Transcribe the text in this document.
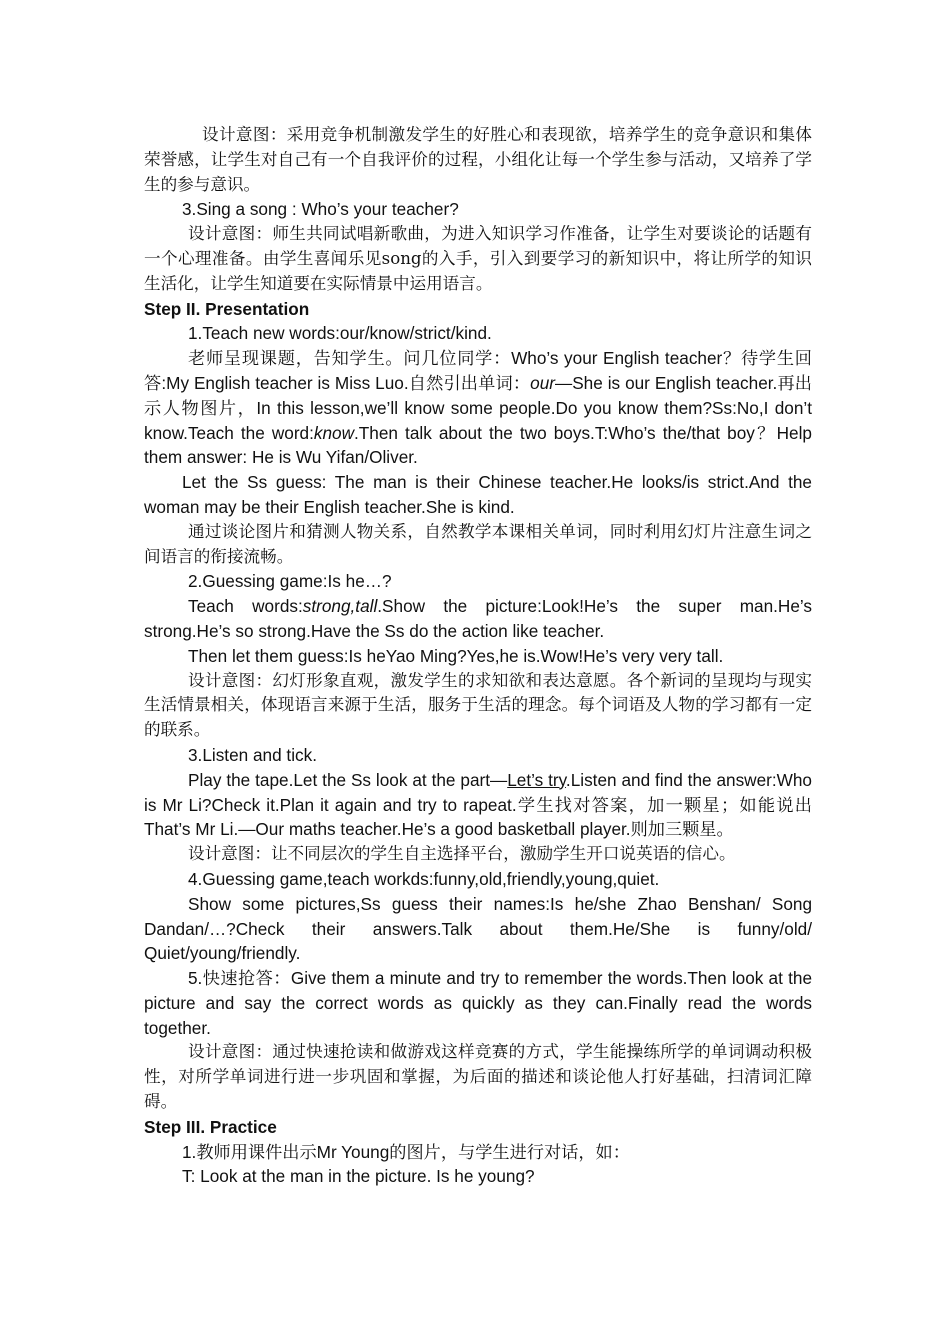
设计意图：采用竞争机制激发学生的好胜心和表现欲，培养学生的竞争意识和集体荣誉感，让学生对自己有一个自我评价的过程，小组化让每一个学生参与活动，又培养了学生的参与意识。

3.Sing a song : Who’s your teacher?

设计意图：师生共同试唱新歌曲，为进入知识学习作准备，让学生对要谈论的话题有一个心理准备。由学生喜闻乐见song的入手，引入到要学习的新知识中，将让所学的知识生活化，让学生知道要在实际情景中运用语言。

Step II. Presentation

1.Teach new words:our/know/strict/kind.

老师呈现课题，告知学生。问几位同学：Who’s your English teacher？待学生回答:My English teacher is Miss Luo.自然引出单词：our—She is our English teacher.再出示人物图片，In this lesson,we’ll know some people.Do you know them?Ss:No,I don’t know.Teach the word:know.Then talk about the two boys.T:Who’s the/that boy？Help them answer: He is Wu Yifan/Oliver.

Let the Ss guess: The man is their Chinese teacher.He looks/is strict.And the woman may be their English teacher.She is kind.

通过谈论图片和猜测人物关系，自然教学本课相关单词，同时利用幻灯片注意生词之间语言的衔接流畅。

2.Guessing game:Is he…?

Teach words:strong,tall.Show the picture:Look!He’s the super man.He’s strong.He’s so strong.Have the Ss do the action like teacher.

Then let them guess:Is heYao Ming?Yes,he is.Wow!He’s very very tall.

设计意图：幻灯形象直观，激发学生的求知欲和表达意愿。各个新词的呈现均与现实生活情景相关，体现语言来源于生活，服务于生活的理念。每个词语及人物的学习都有一定的联系。

3.Listen and tick.

Play the tape.Let the Ss look at the part—Let’s try.Listen and find the answer:Who is Mr Li?Check it.Plan it again and try to rapeat.学生找对答案，加一颗星；如能说出That’s Mr Li.—Our maths teacher.He’s a good basketball player.则加三颗星。

设计意图：让不同层次的学生自主选择平台，激励学生开口说英语的信心。

4.Guessing game,teach workds:funny,old,friendly,young,quiet.

Show some pictures,Ss guess their names:Is he/she Zhao Benshan/ Song Dandan/…?Check their answers.Talk about them.He/She is funny/old/ Quiet/young/friendly.

5.快速抢答：Give them a minute and try to remember the words.Then look at the picture and say the correct words as quickly as they can.Finally read the words together.

设计意图：通过快速抢读和做游戏这样竞赛的方式，学生能操练所学的单词调动积极性，对所学单词进行进一步巩固和掌握，为后面的描述和谈论他人打好基础，扫清词汇障碍。

Step III. Practice

1.教师用课件出示Mr Young的图片，与学生进行对话，如：

T: Look at the man in the picture. Is he young?
